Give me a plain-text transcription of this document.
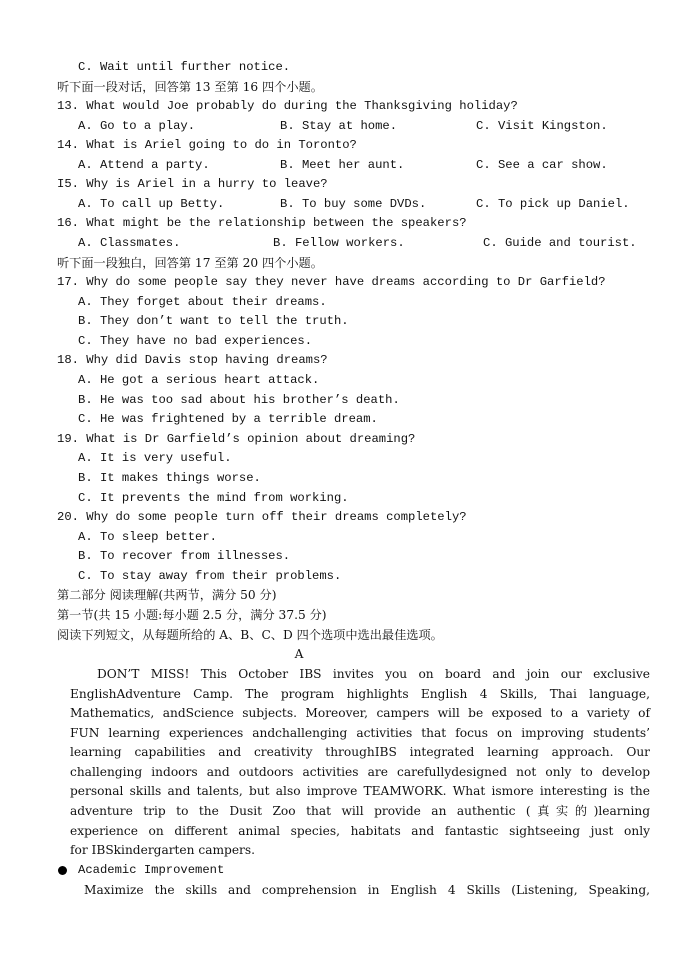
C. Wait until further notice.
听下面一段对话，回答第 13 至第 16 四个小题。
13. What would Joe probably do during the Thanksgiving holiday?
A. Go to a play.	B. Stay at home.	C. Visit Kingston.
14. What is Ariel going to do in Toronto?
A. Attend a party.	B. Meet her aunt.	C. See a car show.
I5. Why is Ariel in a hurry to leave?
A. To call up Betty.	B. To buy some DVDs.	C. To pick up Daniel.
16. What might be the relationship between the speakers?
A. Classmates.	B. Fellow workers.	C. Guide and tourist.
听下面一段独白，回答第 17 至第 20 四个小题。
17. Why do some people say they never have dreams according to Dr Garfield?
A. They forget about their dreams.
B. They don’t want to tell the truth.
C. They have no bad experiences.
18. Why did Davis stop having dreams?
A. He got a serious heart attack.
B. He was too sad about his brother’s death.
C. He was frightened by a terrible dream.
19. What is Dr Garfield’s opinion about dreaming?
A. It is very useful.
B. It makes things worse.
C. It prevents the mind from working.
20. Why do some people turn off their dreams completely?
A. To sleep better.
B. To recover from illnesses.
C. To stay away from their problems.
第二部分 阅读理解(共两节，满分 50 分)
第一节(共 15 小题:每小题 2.5 分，满分 37.5 分)
阅读下列短文，从每题所给的 A、B、C、D 四个选项中选出最佳选项。
A
DON’T MISS! This October IBS invites you on board and join our exclusive
EnglishAdventure Camp. The program highlights English 4 Skills, Thai language,
Mathematics, andScience subjects. Moreover, campers will be exposed to a variety of
FUN learning experiences andchallenging activities that focus on improving students’
learning capabilities and creativity throughIBS integrated learning approach. Our
challenging indoors and outdoors activities are carefullydesigned not only to develop
personal skills and talents, but also improve TEAMWORK. What ismore interesting is the
adventure trip to the Dusit Zoo that will provide an authentic (真实的)learning
experience on different animal species, habitats and fantastic sightseeing just only
for IBSkindergarten campers.
Academic Improvement
Maximize the skills and comprehension in English 4 Skills (Listening, Speaking,
